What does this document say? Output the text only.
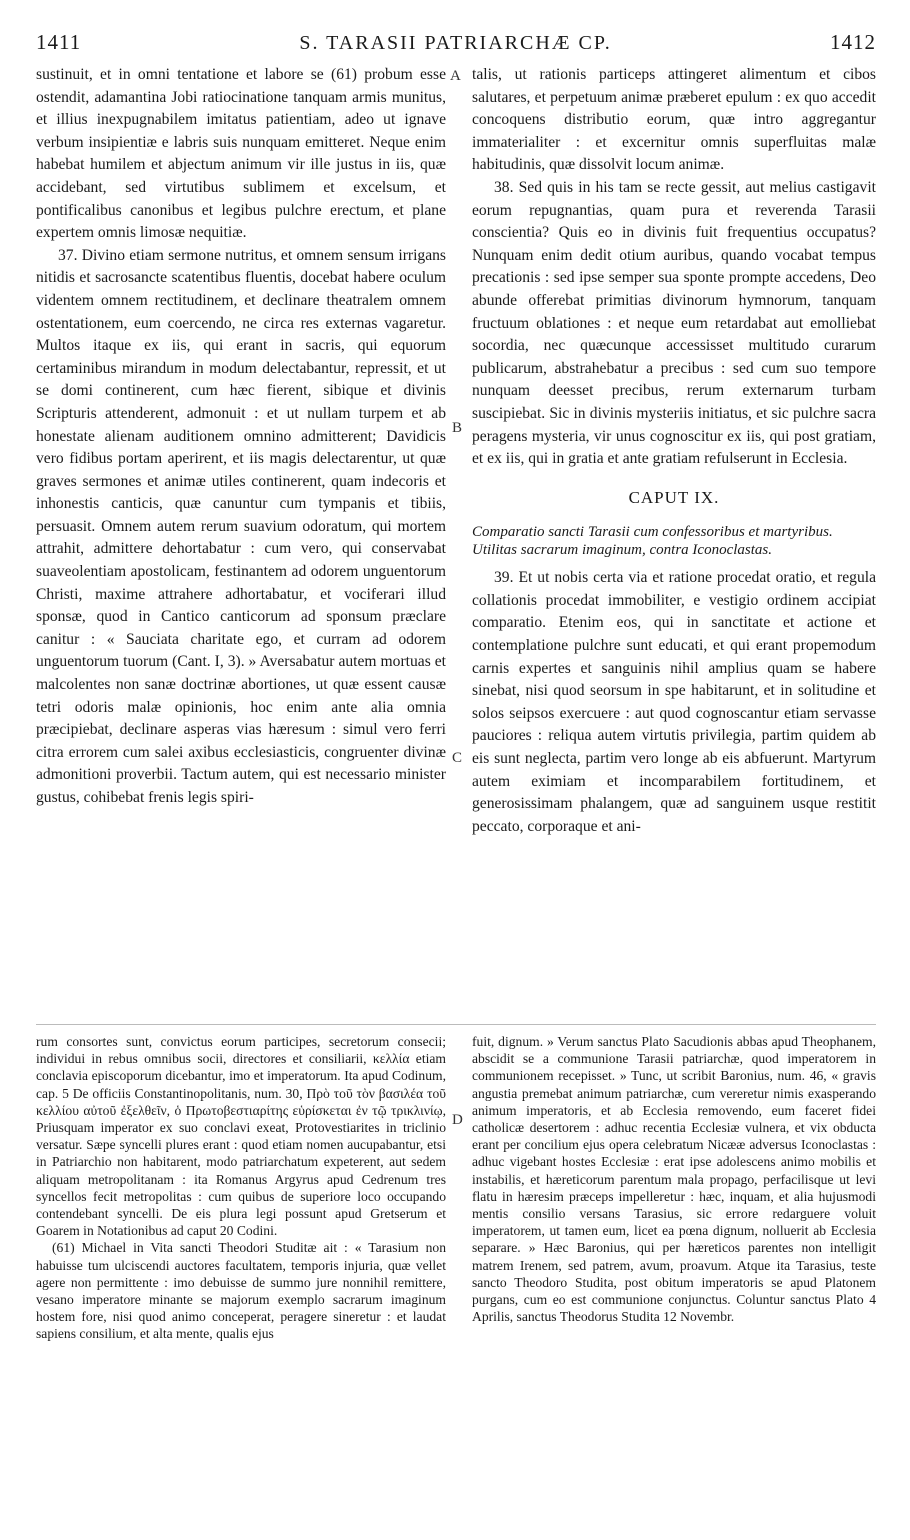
1411	S. TARASII PATRIARCHÆ CP.	1412

sustinuit, et in omni tentatione et labore se (61) probum esse ostendit, adamantina Jobi ratiocinatione tanquam armis munitus, et illius inexpugnabilem imitatus patientiam, adeo ut ignave verbum insipientiæ e labris suis nunquam emitteret. Neque enim habebat humilem et abjectum animum vir ille justus in iis, quæ accidebant, sed virtutibus sublimem et excelsum, et pontificalibus canonibus et legibus pulchre erectum, et plane expertem omnis limosæ nequitiæ.

37. Divino etiam sermone nutritus, et omnem sensum irrigans nitidis et sacrosancte scatentibus fluentis, docebat habere oculum videntem omnem rectitudinem, et declinare theatralem omnem ostentationem, eum coercendo, ne circa res externas vagaretur. Multos itaque ex iis, qui erant in sacris, qui equorum certaminibus mirandum in modum delectabantur, repressit, et ut se domi continerent, cum hæc fierent, sibique et divinis Scripturis attenderent, admonuit : et ut nullam turpem et ab honestate alienam auditionem omnino admitterent; Davidicis vero fidibus portam aperirent, et iis magis delectarentur, ut quæ graves sermones et animæ utiles continerent, quam indecoris et inhonestis canticis, quæ canuntur cum tympanis et tibiis, persuasit. Omnem autem rerum suavium odoratum, qui mortem attrahit, admittere dehortabatur : cum vero, qui conservabat suaveolentiam apostolicam, festinantem ad odorem unguentorum Christi, maxime attrahere adhortabatur, et vociferari illud sponsæ, quod in Cantico canticorum ad sponsum præclare canitur : « Sauciata charitate ego, et curram ad odorem unguentorum tuorum (Cant. I, 3). » Aversabatur autem mortuas et malcolentes non sanæ doctrinæ abortiones, ut quæ essent causæ tetri odoris malæ opinionis, hoc enim ante alia omnia præcipiebat, declinare asperas vias hæresum : simul vero ferri citra errorem cum salei axibus ecclesiasticis, congruenter divinæ admonitioni proverbii. Tactum autem, qui est necessario minister gustus, cohibebat frenis legis spiri-

talis, ut rationis particeps attingeret alimentum et cibos salutares, et perpetuum animæ præberet epulum : ex quo accedit concoquens distributio eorum, quæ intro aggregantur immaterialiter : et excernitur omnis superfluitas malæ habitudinis, quæ dissolvit locum animæ.

38. Sed quis in his tam se recte gessit, aut melius castigavit eorum repugnantias, quam pura et reverenda Tarasii conscientia? Quis eo in divinis fuit frequentius occupatus? Nunquam enim dedit otium auribus, quando vocabat tempus precationis : sed ipse semper sua sponte prompte accedens, Deo abunde offerebat primitias divinorum hymnorum, tanquam fructuum oblationes : et neque eum retardabat aut emolliebat socordia, nec quæcunque accessisset multitudo curarum publicarum, abstrahebatur a precibus : sed cum suo tempore nunquam deesset precibus, rerum externarum turbam suscipiebat. Sic in divinis mysteriis initiatus, et sic pulchre sacra peragens mysteria, vir unus cognoscitur ex iis, qui post gratiam, et ex iis, qui in gratia et ante gratiam refulserunt in Ecclesia.

CAPUT IX.
Comparatio sancti Tarasii cum confessoribus et martyribus. Utilitas sacrarum imaginum, contra Iconoclastas.

39. Et ut nobis certa via et ratione procedat oratio, et regula collationis procedat immobiliter, e vestigio ordinem accipiat comparatio. Etenim eos, qui in sanctitate et actione et contemplatione pulchre sunt educati, et qui erant propemodum carnis expertes et sanguinis nihil amplius quam se habere sinebat, nisi quod seorsum in spe habitarunt, et in solitudine et solos seipsos exercuere : aut quod cognoscantur etiam servasse pauciores : reliqua autem virtutis privilegia, partim quidem ab eis sunt neglecta, partim vero longe ab eis abfuerunt. Martyrum autem eximiam et incomparabilem fortitudinem, et generosissimam phalangem, quæ ad sanguinem usque restitit peccato, corporaque et ani-

A
B
C
D

rum consortes sunt, convictus eorum participes, secretorum consecii; individui in rebus omnibus socii, directores et consiliarii, κελλία etiam conclavia episcoporum dicebantur, imo et imperatorum. Ita apud Codinum, cap. 5 De officiis Constantinopolitanis, num. 30, Πρὸ τοῦ τὸν βασιλέα τοῦ κελλίου αὐτοῦ ἐξελθεῖν, ὁ Πρωτοβεστιαρίτης εὑρίσκεται ἐν τῷ τρικλινίῳ, Priusquam imperator ex suo conclavi exeat, Protovestiarites in triclinio versatur. Sæpe syncelli plures erant : quod etiam nomen aucupabantur, etsi in Patriarchio non habitarent, modo patriarchatum expeterent, aut sedem aliquam metropolitanam : ita Romanus Argyrus apud Cedrenum tres syncellos fecit metropolitas : cum quibus de superiore loco occupando contendebant syncelli. De eis plura legi possunt apud Gretserum et Goarem in Notationibus ad caput 20 Codini.

(61) Michael in Vita sancti Theodori Studitæ ait : « Tarasium non habuisse tum ulciscendi auctores facultatem, temporis injuria, quæ vellet agere non permittente : imo debuisse de summo jure nonnihil remittere, vesano imperatore minante se majorum exemplo sacrarum imaginum hostem fore, nisi quod animo conceperat, peragere sineretur : et laudat sapiens consilium, et alta mente, qualis ejus

fuit, dignum. » Verum sanctus Plato Sacudionis abbas apud Theophanem, abscidit se a communione Tarasii patriarchæ, quod imperatorem in communionem recepisset. » Tunc, ut scribit Baronius, num. 46, « gravis angustia premebat animum patriarchæ, cum vereretur nimis exasperando animum imperatoris, et ab Ecclesia removendo, eum faceret fidei catholicæ desertorem : adhuc recentia Ecclesiæ vulnera, et vix obducta erant per concilium ejus opera celebratum Nicææ adversus Iconoclastas : adhuc vigebant hostes Ecclesiæ : erat ipse adolescens animo mobilis et instabilis, et hæreticorum parentum mala propago, perfacilisque ut levi flatu in hæresim præceps impelleretur : hæc, inquam, et alia hujusmodi mentis consilio versans Tarasius, sic errore redarguere voluit imperatorem, ut tamen eum, licet ea pœna dignum, nolluerit ab Ecclesia separare. » Hæc Baronius, qui per hæreticos parentes non intelligit matrem Irenem, sed patrem, avum, proavum. Atque ita Tarasius, teste sancto Theodoro Studita, post obitum imperatoris se apud Platonem purgans, cum eo est communione conjunctus. Coluntur sanctus Plato 4 Aprilis, sanctus Theodorus Studita 12 Novembr.
